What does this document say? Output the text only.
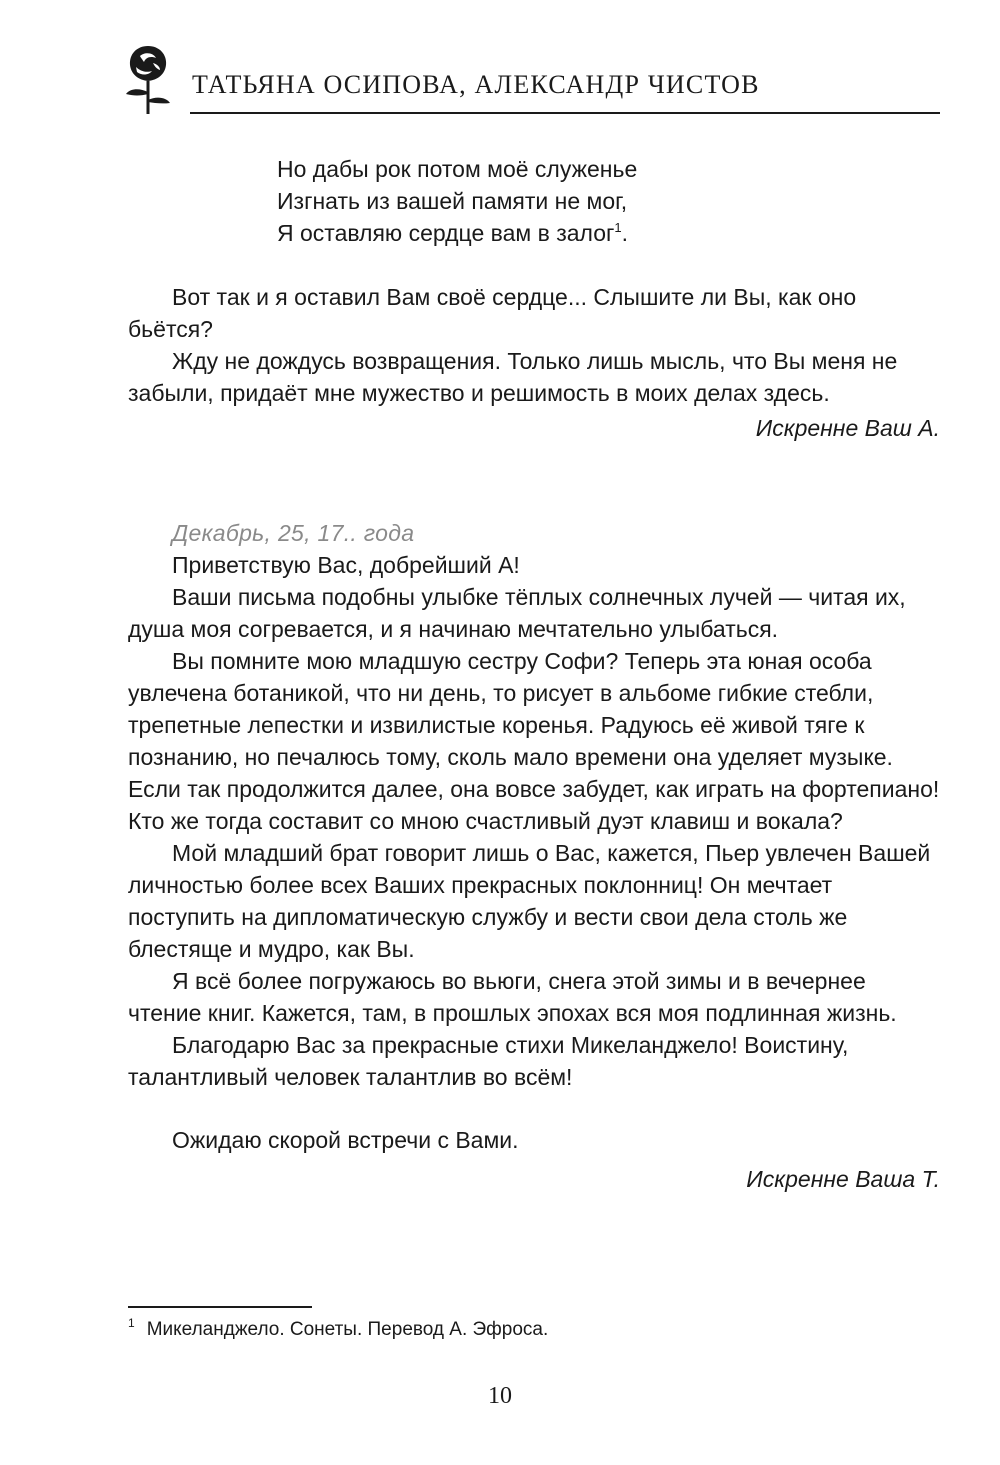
ТАТЬЯНА ОСИПОВА, АЛЕКСАНДР ЧИСТОВ
Но дабы рок потом моё служенье
Изгнать из вашей памяти не мог,
Я оставляю сердце вам в залог$^1$.

Вот так и я оставил Вам своё сердце... Слышите ли Вы, как оно бьётся?

Жду не дождусь возвращения. Только лишь мысль, что Вы меня не забыли, придаёт мне мужество и решимость в моих делах здесь.

Искренне Ваш А.
Декабрь, 25, 17.. года

Приветствую Вас, добрейший А!

Ваши письма подобны улыбке тёплых солнечных лучей — читая их, душа моя согревается, и я начинаю мечтательно улыбаться.

Вы помните мою младшую сестру Софи? Теперь эта юная особа увлечена ботаникой, что ни день, то рисует в альбоме гибкие стебли, трепетные лепестки и извилистые коренья. Радуюсь её живой тяге к познанию, но печалюсь тому, сколь мало времени она уделяет музыке. Если так продолжится далее, она вовсе забудет, как играть на фортепиано! Кто же тогда составит со мною счастливый дуэт клавиш и вокала?

Мой младший брат говорит лишь о Вас, кажется, Пьер увлечен Вашей личностью более всех Ваших прекрасных поклонниц! Он мечтает поступить на дипломатическую службу и вести свои дела столь же блестяще и мудро, как Вы.

Я всё более погружаюсь во вьюги, снега этой зимы и в вечернее чтение книг. Кажется, там, в прошлых эпохах вся моя подлинная жизнь.

Благодарю Вас за прекрасные стихи Микеланджело! Воистину, талантливый человек талантлив во всём!

Ожидаю скорой встречи с Вами.

Искренне Ваша Т.
$^1$ Микеланджело. Сонеты. Перевод А. Эфроса.
10
